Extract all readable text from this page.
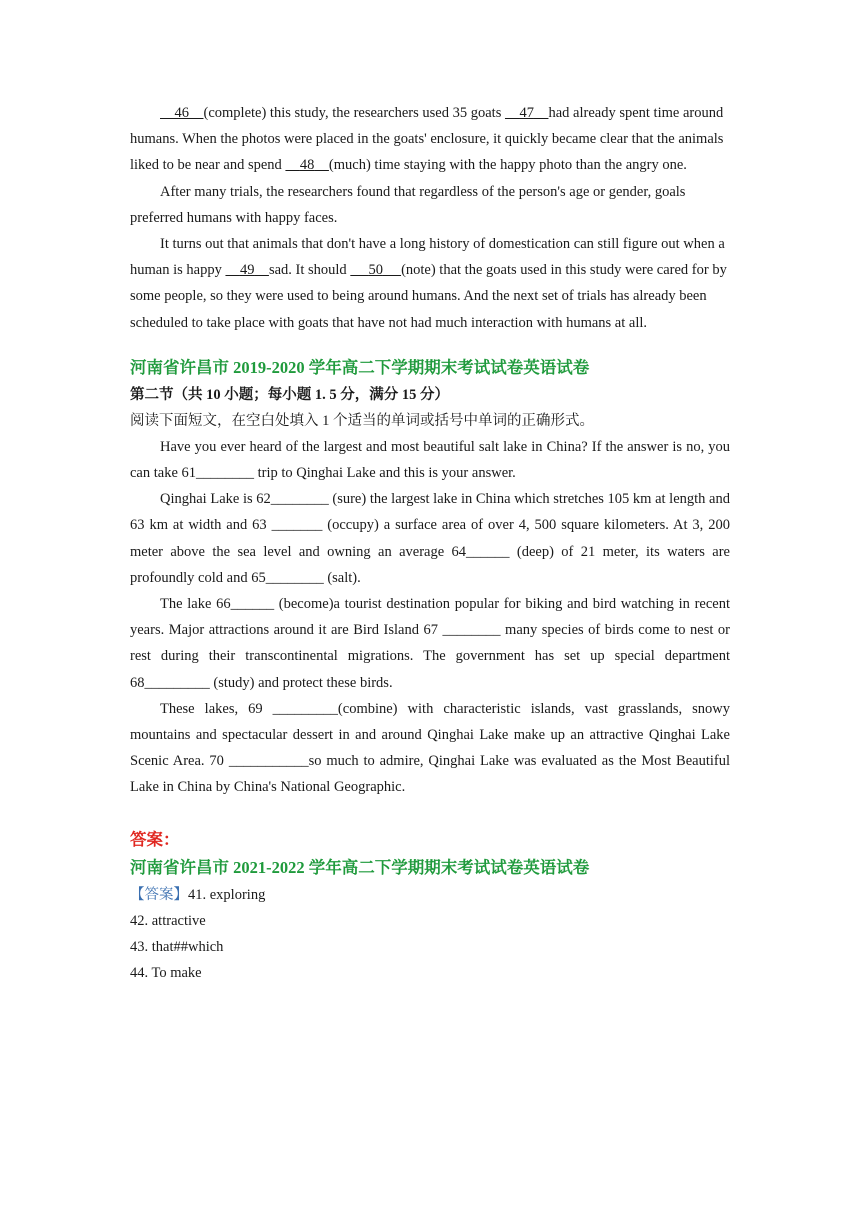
46 (complete) this study, the researchers used 35 goats     47 had already spent time around humans. When the photos were placed in the goats' enclosure, it quickly became clear that the animals liked to be near and spend     48 (much) time staying with the happy photo than the angry one.

After many trials, the researchers found that regardless of the person's age or gender, goals preferred humans with happy faces.

It turns out that animals that don't have a long history of domestication can still figure out when a human is happy     49 sad. It should      50 (note) that the goats used in this study were cared for by some people, so they were used to being around humans. And the next set of trials has already been scheduled to take place with goats that have not had much interaction with humans at all.

河南省许昌市 2019-2020 学年高二下学期期末考试试卷英语试卷
第二节（共 10 小题；每小题 1. 5 分，满分 15 分）
阅读下面短文，在空白处填入 1 个适当的单词或括号中单词的正确形式。

Have you ever heard of the largest and most beautiful salt lake in China? If the answer is no, you can take 61________ trip to Qinghai Lake and this is your answer.

Qinghai Lake is 62________ (sure) the largest lake in China which stretches 105 km at length and 63 km at width and 63 _______ (occupy) a surface area of over 4, 500 square kilometers. At 3, 200 meter above the sea level and owning an average 64______ (deep) of 21 meter, its waters are profoundly cold and 65________ (salt).

The lake 66______ (become)a tourist destination popular for biking and bird watching in recent years. Major attractions around it are Bird Island 67 ________ many species of birds come to nest or rest during their transcontinental migrations. The government has set up special department 68_________ (study) and protect these birds.

These lakes, 69 _________(combine) with characteristic islands, vast grasslands, snowy mountains and spectacular dessert in and around Qinghai Lake make up an attractive Qinghai Lake Scenic Area. 70 ___________so much to admire, Qinghai Lake was evaluated as the Most Beautiful Lake in China by China's National Geographic.

答案：
河南省许昌市 2021-2022 学年高二下学期期末考试试卷英语试卷

【答案】41. exploring

42. attractive

43. that##which

44. To make
